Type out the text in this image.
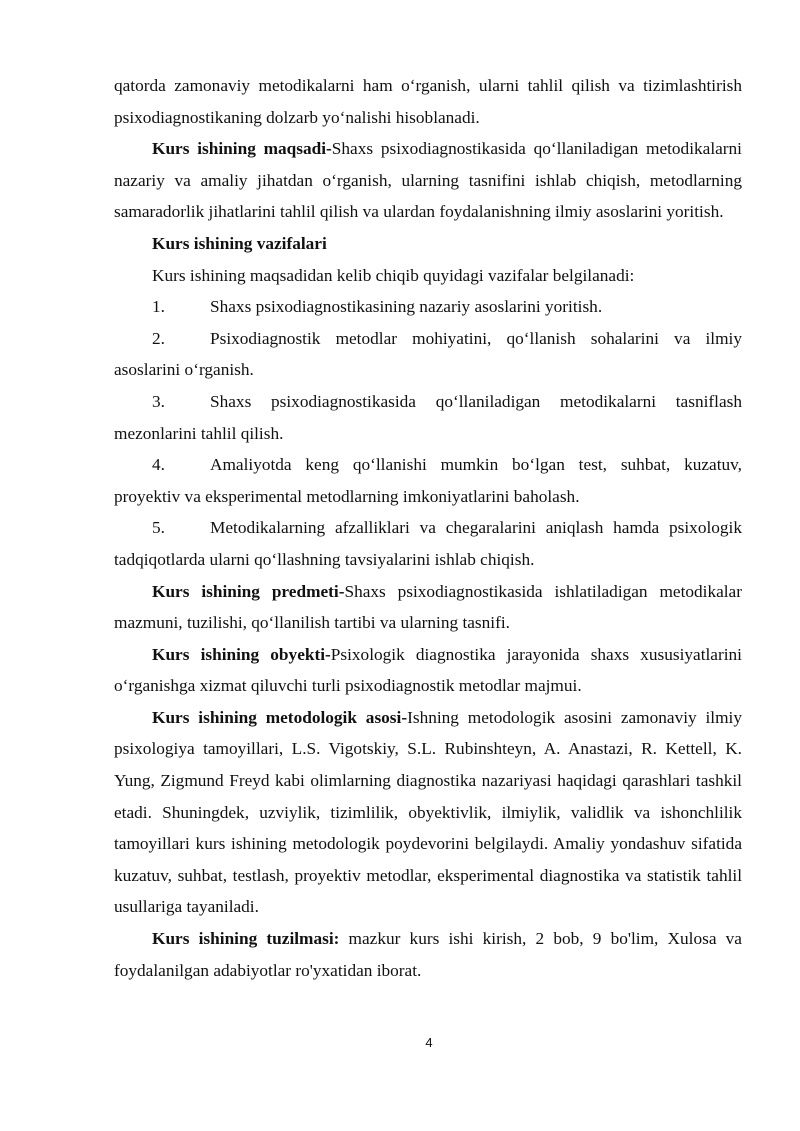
qatorda zamonaviy metodikalarni ham o‘rganish, ularni tahlil qilish va tizimlashtirish psixodiagnostikaning dolzarb yo‘nalishi hisoblanadi.

Kurs ishining maqsadi-Shaxs psixodiagnostikasida qo‘llaniladigan metodikalarni nazariy va amaliy jihatdan o‘rganish, ularning tasnifini ishlab chiqish, metodlarning samaradorlik jihatlarini tahlil qilish va ulardan foydalanishning ilmiy asoslarini yoritish.

Kurs ishining vazifalari

Kurs ishining maqsadidan kelib chiqib quyidagi vazifalar belgilanadi:

1.	Shaxs psixodiagnostikasining nazariy asoslarini yoritish.

2.	Psixodiagnostik metodlar mohiyatini, qo‘llanish sohalarini va ilmiy asoslarini o‘rganish.

3.	Shaxs psixodiagnostikasida qo‘llaniladigan metodikalarni tasniflash mezonlarini tahlil qilish.

4.	Amaliyotda keng qo‘llanishi mumkin bo‘lgan test, suhbat, kuzatuv, proyektiv va eksperimental metodlarning imkoniyatlarini baholash.

5.	Metodikalarning afzalliklari va chegaralarini aniqlash hamda psixologik tadqiqotlarda ularni qo‘llashning tavsiyalarini ishlab chiqish.

Kurs ishining predmeti-Shaxs psixodiagnostikasida ishlatiladigan metodikalar mazmuni, tuzilishi, qo‘llanilish tartibi va ularning tasnifi.

Kurs ishining obyekti-Psixologik diagnostika jarayonida shaxs xususiyatlarini o‘rganishga xizmat qiluvchi turli psixodiagnostik metodlar majmui.

Kurs ishining metodologik asosi-Ishning metodologik asosini zamonaviy ilmiy psixologiya tamoyillari, L.S. Vigotskiy, S.L. Rubinshteyn, A. Anastazi, R. Kettell, K. Yung, Zigmund Freyd kabi olimlarning diagnostika nazariyasi haqidagi qarashlari tashkil etadi. Shuningdek, uzviylik, tizimlilik, obyektivlik, ilmiylik, validlik va ishonchlilik tamoyillari kurs ishining metodologik poydevorini belgilaydi. Amaliy yondashuv sifatida kuzatuv, suhbat, testlash, proyektiv metodlar, eksperimental diagnostika va statistik tahlil usullariga tayaniladi.

Kurs ishining tuzilmasi: mazkur kurs ishi kirish, 2 bob, 9 bo'lim, Xulosa va foydalanilgan adabiyotlar ro'yxatidan iborat.

4
